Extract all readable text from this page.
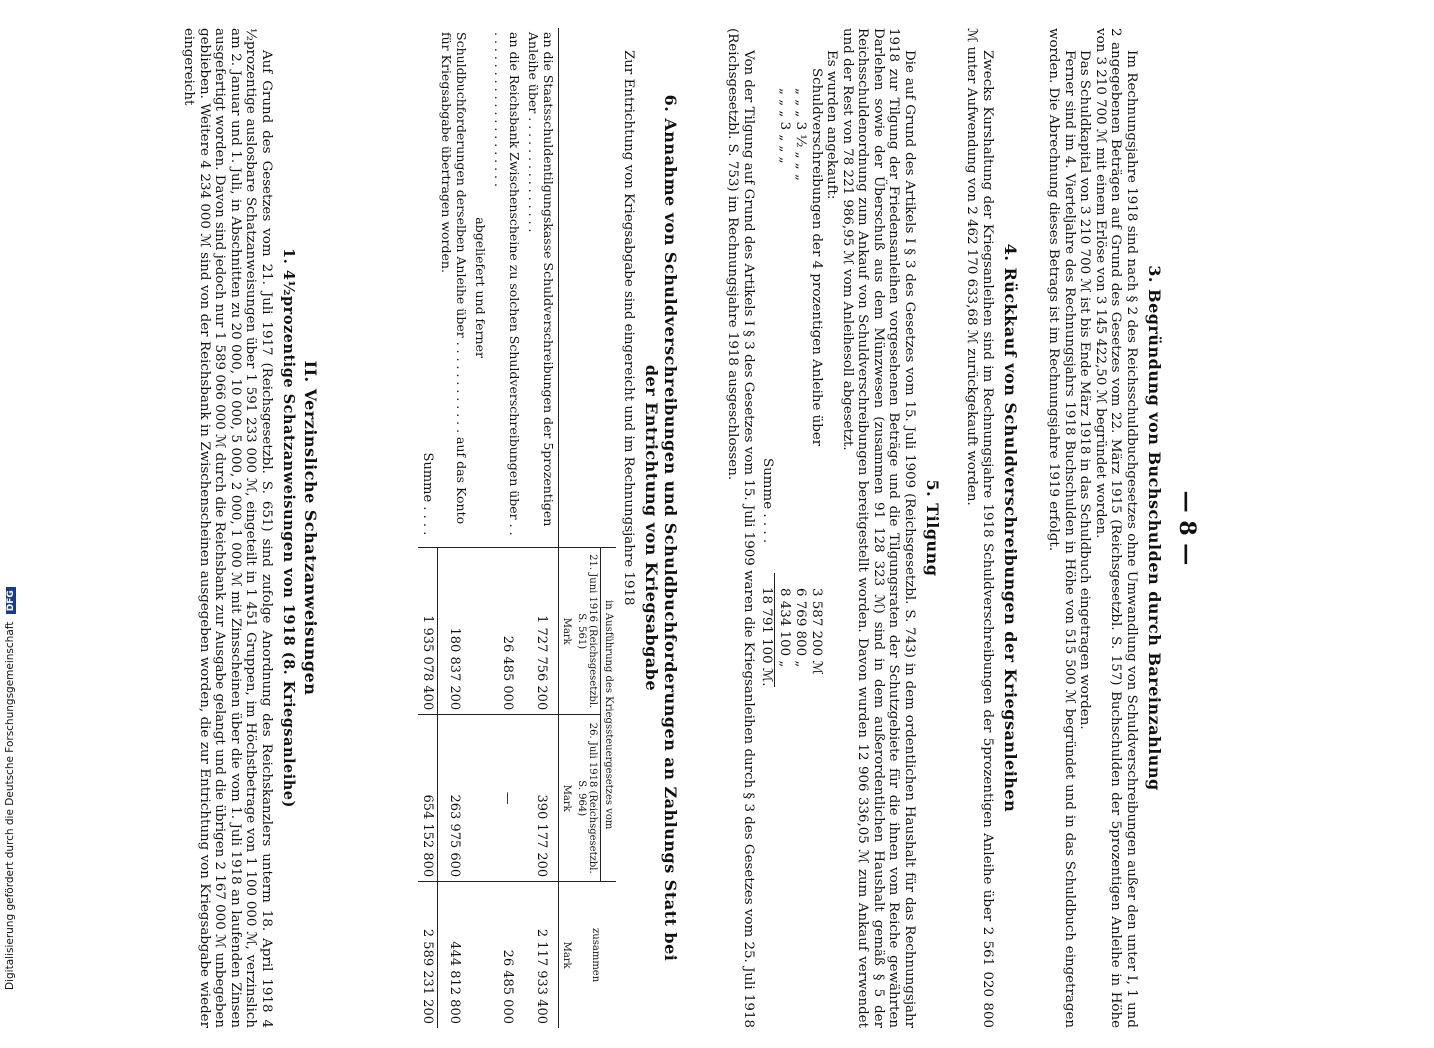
— 8 —
3. Begründung von Buchschulden durch Bareinzahlung

Im Rechnungsjahre 1918 sind nach § 2 des Reichsschuldbuchgesetzes ohne Umwandlung von Schuldverschreibungen außer den unter I, 1 und 2 angegebenen Beträgen auf Grund des Gesetzes vom 22. März 1915 (Reichsgesetzbl. S. 157) Buchschulden der 5prozentigen Anleihe in Höhe von 3 210 700 ℳ mit einem Erlöse von 3 145 422,50 ℳ begründet worden.

Das Schuldkapital von 3 210 700 ℳ ist bis Ende März 1918 in das Schuldbuch eingetragen worden.

Ferner sind im 4. Vierteljahre des Rechnungsjahrs 1918 Buchschulden in Höhe von 515 500 ℳ begründet und in das Schuldbuch eingetragen worden. Die Abrechnung dieses Betrags ist im Rechnungsjahre 1919 erfolgt.

4. Rückkauf von Schuldverschreibungen der Kriegsanleihen

Zwecks Kurshaltung der Kriegsanleihen sind im Rechnungsjahre 1918 Schuldverschreibungen der 5prozentigen Anleihe über 2 561 020 800 ℳ unter Aufwendung von 2 462 170 633,68 ℳ zurückgekauft worden.

5. Tilgung

Die auf Grund des Artikels I § 3 des Gesetzes vom 15. Juli 1909 (Reichsgesetzbl. S. 743) in dem ordentlichen Haushalt für das Rechnungsjahr 1918 zur Tilgung der Friedensanleihen vorgesehenen Beträge und die Tilgungsraten der Schutzgebiete für die ihnen vom Reiche gewährten Darlehen sowie der Überschuß aus dem Münzwesen (zusammen 91 128 323 ℳ) sind in dem außerordentlichen Haushalt gemäß § 5 der Reichsschuldenordnung zum Ankauf von Schuldverschreibungen bereitgestellt worden. Davon wurden 12 906 336,05 ℳ zum Ankauf verwendet und der Rest von 78 221 986,95 ℳ vom Anleihesoll abgesetzt.

Es wurden angekauft:

Schuldverschreibungen der 4 prozentigen Anleihe über
3 587 200 ℳ
„ „ „ 3 ½ „ „ „
6 769 800 „
„ „ „ 3 „ „ „
8 434 100 „
Summe . . . .
18 791 100 ℳ.

Von der Tilgung auf Grund des Artikels I § 3 des Gesetzes vom 15. Juli 1909 waren die Kriegsanleihen durch § 3 des Gesetzes vom 25. Juli 1918 (Reichsgesetzbl. S. 753) im Rechnungsjahre 1918 ausgeschlossen.

6. Annahme von Schuldverschreibungen und Schuldbuchforderungen an Zahlungs Statt bei der Entrichtung von Kriegsabgabe

Zur Entrichtung von Kriegsabgabe sind eingereicht und im Rechnungsjahre 1918

	in Ausführung des Kriegssteuergesetzes vom		zusammen
	21. Juni 1916 (Reichsgesetzbl. S. 561)	26. Juli 1918 (Reichsgesetzbl. S. 964)	
	Mark	Mark	Mark
an die Staatsschuldentilgungskasse Schuldverschreibungen der 5prozentigen Anleihe über . . . . . . . . . . . . . . .	1 727 756 200	390 177 200	2 117 933 400
an die Reichsbank Zwischenscheine zu solchen Schuldverschreibungen über . . . . . . . . . . . . . . . . . . . . . .	26 485 000	—	26 485 000
abgeliefert und ferner			
Schuldbuchforderungen derselben Anleihe über . . . . . . . . . . . . auf das Konto für Kriegsabgabe übertragen worden.	180 837 200	263 975 600	444 812 800
Summe . . . .	1 935 078 400	654 152 800	2 589 231 200
II. Verzinsliche Schatzanweisungen
1. 4½prozentige Schatzanweisungen von 1918 (8. Kriegsanleihe)

Auf Grund des Gesetzes vom 21. Juli 1917 (Reichsgesetzbl. S. 651) sind zufolge Anordnung des Reichskanzlers unterm 18. April 1918 4 ½prozentige auslosbare Schatzanweisungen über 1 591 233 000 ℳ, eingeteilt in 1 451 Gruppen, im Höchstbetrage von 1 100 000 ℳ, verzinslich am 2. Januar und 1. Juli, in Abschnitten zu 20 000, 10 000, 5 000, 2 000, 1 000 ℳ mit Zinsscheinen über die vom 1. Juli 1918 an laufenden Zinsen ausgefertigt worden. Davon sind jedoch nur 1 589 066 000 ℳ durch die Reichsbank zur Ausgabe gelangt und die übrigen 2 167 000 ℳ unbegeben geblieben. Weitere 4 234 000 ℳ sind von der Reichsbank in Zwischenscheinen ausgegeben worden, die zur Entrichtung von Kriegsabgabe wieder eingereicht

Digitalisierung gefördert durch die Deutsche Forschungsgemeinschaft DFG
